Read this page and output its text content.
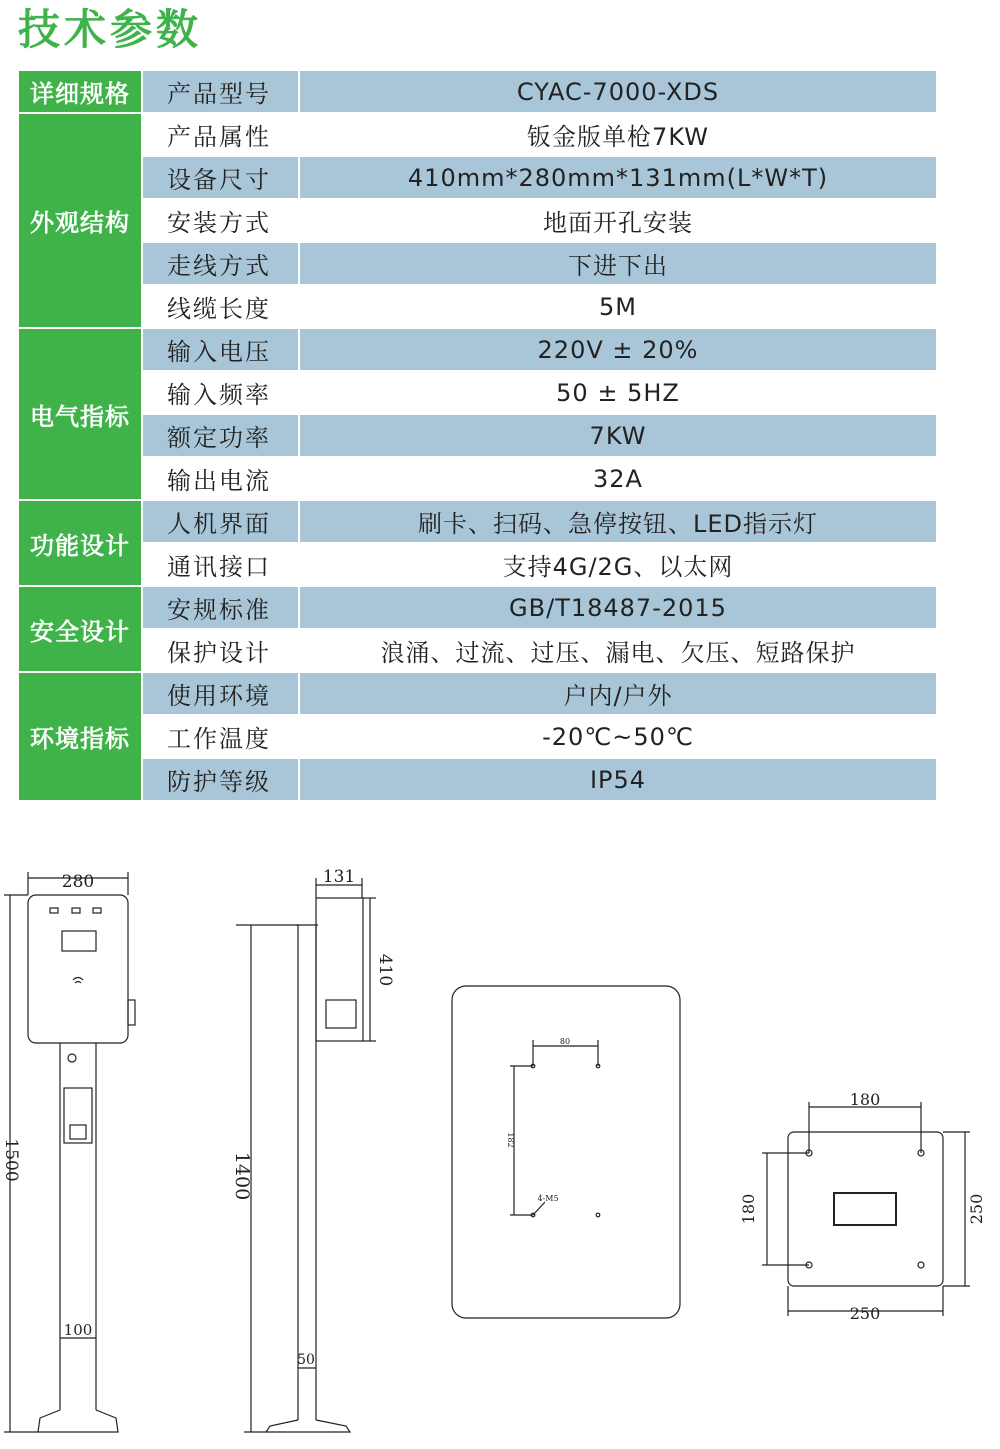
技术参数
详细规格	产品型号	CYAC-7000-XDS
外观结构	产品属性	钣金版单枪7KW
	设备尺寸	410mm*280mm*131mm(L*W*T)
	安装方式	地面开孔安装
	走线方式	下进下出
	线缆长度	5M
电气指标	输入电压	220V ± 20%
	输入频率	50 ± 5HZ
	额定功率	7KW
	输出电流	32A
功能设计	人机界面	刷卡、扫码、急停按钮、LED指示灯
	通讯接口	支持4G/2G、以太网
安全设计	安规标准	GB/T18487-2015
	保护设计	浪涌、过流、过压、漏电、欠压、短路保护
环境指标	使用环境	户内/户外
	工作温度	-20℃~50℃
	防护等级	IP54
280
1500
100
131
410
1400
50
80
182
4-M5
180
180
250
250
